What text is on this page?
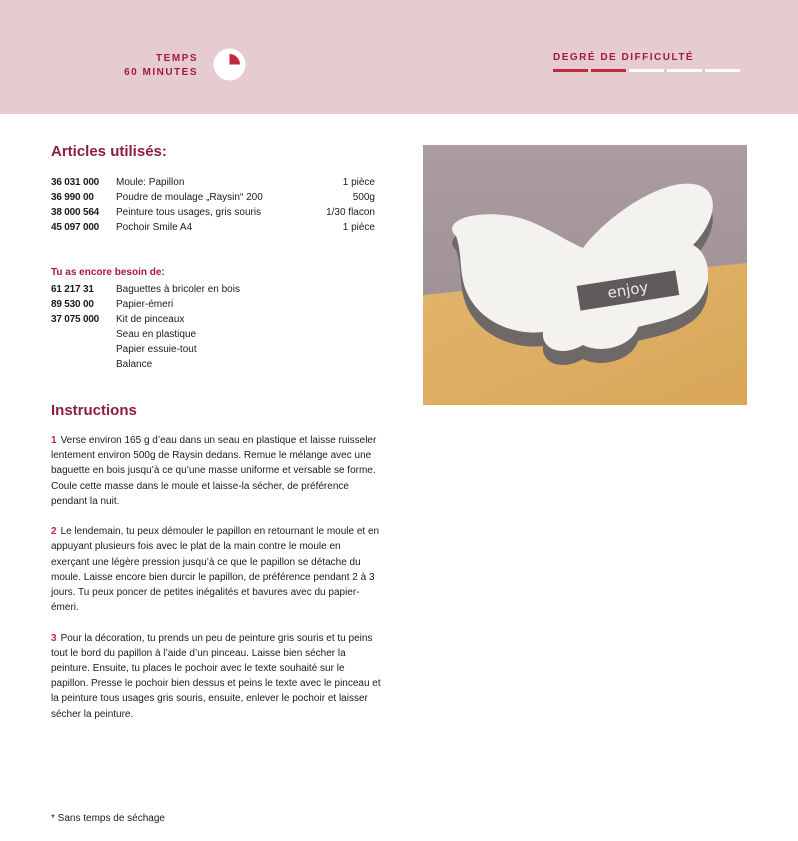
TEMPS
60 MINUTES
DEGRÉ DE DIFFICULTÉ
Articles utilisés:
36 031 000	Moule: Papillon	1 pièce
36 990 00	Poudre de moulage „Raysin“ 200	500g
38 000 564	Peinture tous usages, gris souris	1/30 flacon
45 097 000	Pochoir Smile A4	1 pièce
Tu as encore besoin de:
61 217 31	Baguettes à bricoler en bois
89 530 00	Papier-émeri
37 075 000	Kit de pinceaux
	Seau en plastique
	Papier essuie-tout
	Balance
enjoy
Instructions

1 Verse environ 165 g d’eau dans un seau en plastique et laisse ruisseler lentement environ 500g de Raysin dedans. Remue le mélange avec une baguette en bois jusqu’à ce qu’une masse uniforme et versable se forme. Coule cette masse dans le moule et laisse-la sécher, de préférence pendant la nuit.

2 Le lendemain, tu peux démouler le papillon en retournant le moule et en appuyant plusieurs fois avec le plat de la main contre le moule en exerçant une légère pression jusqu’à ce que le papillon se détache du moule. Laisse encore bien durcir le papillon, de préférence pendant 2 à 3 jours. Tu peux poncer de petites inégalités et bavures avec du papier-émeri.

3 Pour la décoration, tu prends un peu de peinture gris souris et tu peins tout le bord du papillon à l’aide d’un pinceau. Laisse bien sécher la peinture. Ensuite, tu places le pochoir avec le texte souhaité sur le papillon. Presse le pochoir bien dessus et peins le texte avec le pinceau et la peinture tous usages gris souris, ensuite, enlever le pochoir et laisser sécher la peinture.

* Sans temps de séchage
